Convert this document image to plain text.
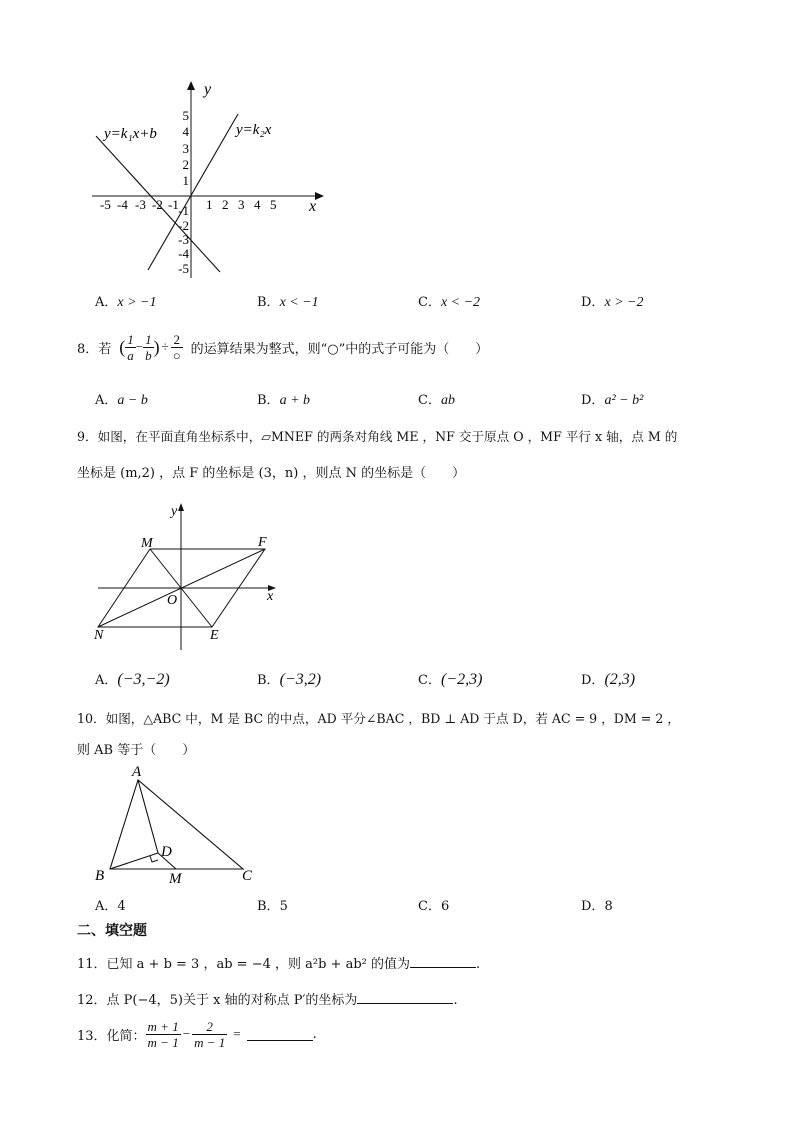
y
x
-5 -4 -3 -2 -1 1 2 3 4 5
5
4
3
2
1
-1
-2
-3
-4
-5
y=k₁x+b	y=k₂x
A．x > −1	B．x < −1	C．x < −2	D．x > −2
8．若 ( $\frac{1}{a} - \frac{1}{b}$ ) ÷ $\frac{2}{○}$ 的运算结果为整式，则“○”中的式子可能为（　　）
A．a − b	B．a + b	C．ab	D．a² − b²
9．如图，在平面直角坐标系中，▱MNEF 的两条对角线 ME ，NF 交于原点 O ，MF 平行 x 轴，点 M 的
坐标是 (m,2) ，点 F 的坐标是 (3，n) ，则点 N 的坐标是（　　）
y
x
M	F
O
N	E
A．(−3,−2)	B．(−3,2)	C．(−2,3)	D．(2,3)
10．如图，△ABC 中，M 是 BC 的中点，AD 平分∠BAC ，BD ⊥ AD 于点 D，若 AC = 9 ，DM = 2 ，
则 AB 等于（　　）
A
B	C
D
M
A．4	B．5	C．6	D．8
二、填空题
11．已知 a + b = 3 ，ab = −4 ，则 a²b + ab² 的值为	.
12．点 P(−4，5)关于 x 轴的对称点 P′的坐标为	.
13．化简： $\frac{m + 1}{m - 1} - \frac{2}{m - 1}$ =	.
